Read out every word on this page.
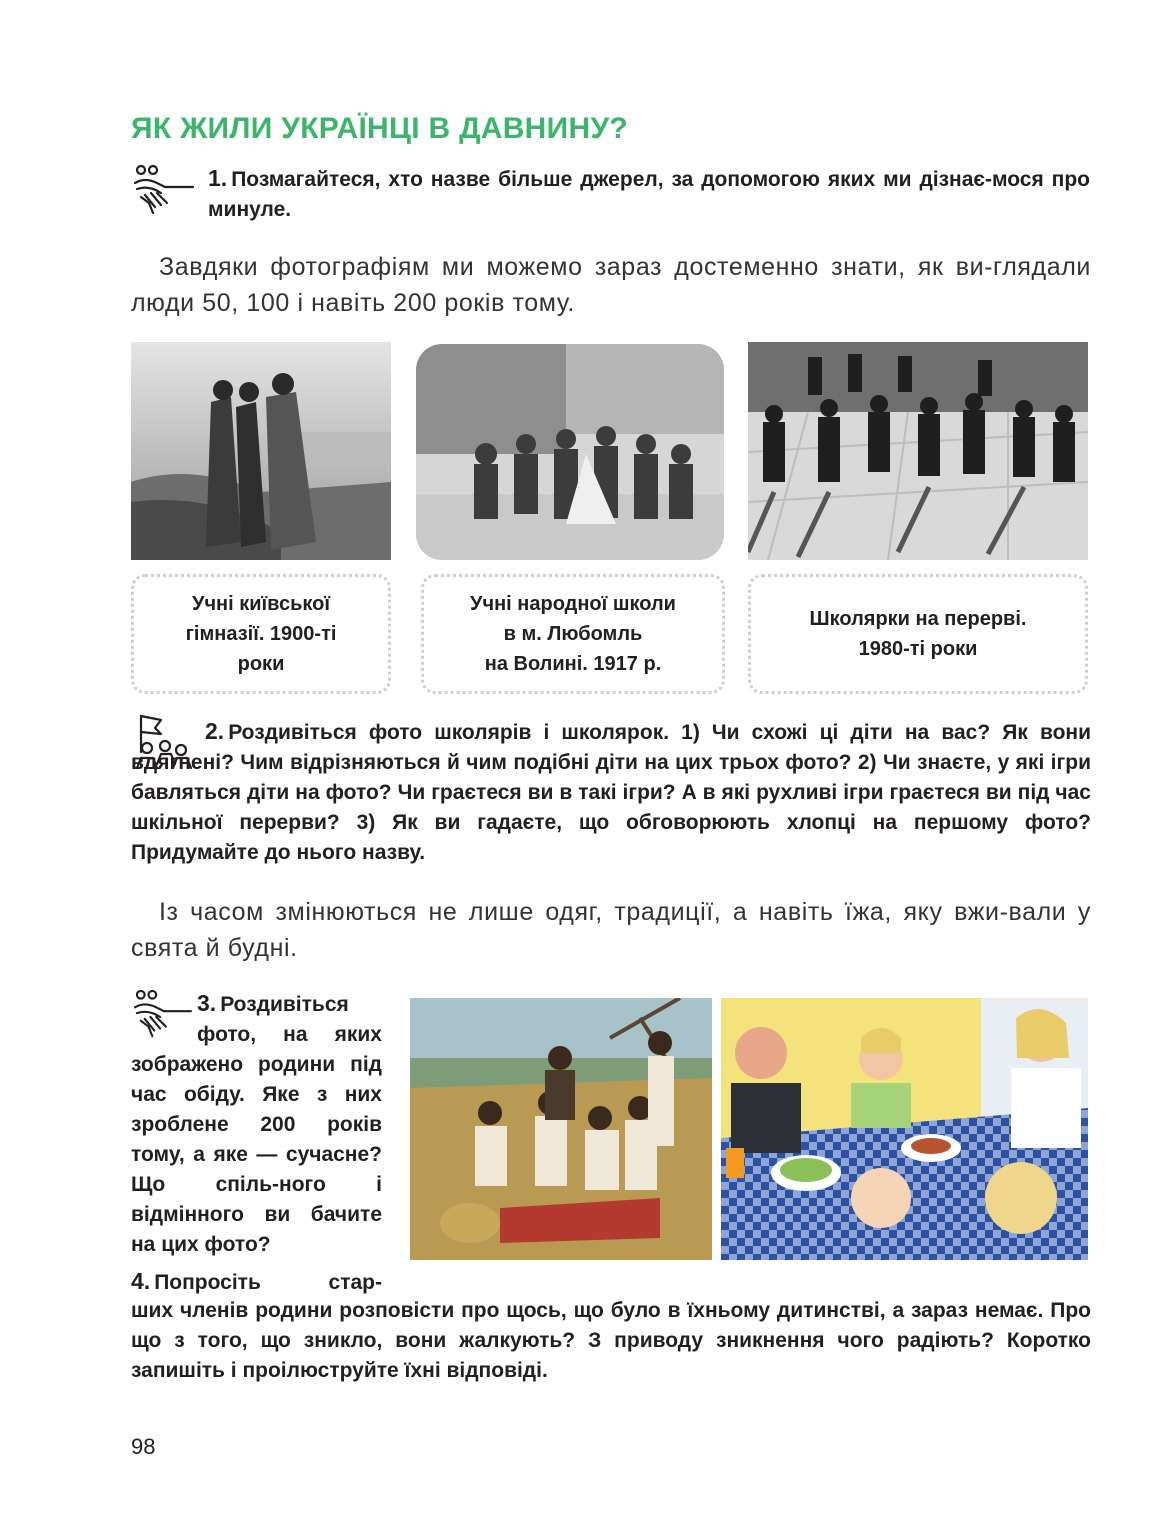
ЯК ЖИЛИ УКРАЇНЦІ В ДАВНИНУ?
1. Позмагайтеся, хто назве більше джерел, за допомогою яких ми дізнає-мося про минуле.
Завдяки фотографіям ми можемо зараз достеменно знати, як ви-глядали люди 50, 100 і навіть 200 років тому.
Учні київської
гімназії. 1900-ті
роки
Учні народної школи
в м. Любомль
на Волині. 1917 р.
Школярки на перерві.
1980-ті роки
2. Роздивіться фото школярів і школярок. 1) Чи схожі ці діти на вас? Як вони вдягнені? Чим відрізняються й чим подібні діти на цих трьох фото? 2) Чи знаєте, у які ігри бавляться діти на фото? Чи граєтеся ви в такі ігри? А в які рухливі ігри граєтеся ви під час шкільної перерви? 3) Як ви гадаєте, що обговорюють хлопці на першому фото? Придумайте до нього назву.
Із часом змінюються не лише одяг, традиції, а навіть їжа, яку вжи-вали у свята й будні.
3. Роздивіться фото, на яких зображено родини під час обіду. Яке з них зроблене 200 років тому, а яке — сучасне? Що спіль-ного і відмінного ви бачите на цих фото?
4. Попросіть стар-
ших членів родини розповісти про щось, що було в їхньому дитинстві, а зараз немає. Про що з того, що зникло, вони жалкують? З приводу зникнення чого радіють? Коротко запишіть і проілюструйте їхні відповіді.
98
